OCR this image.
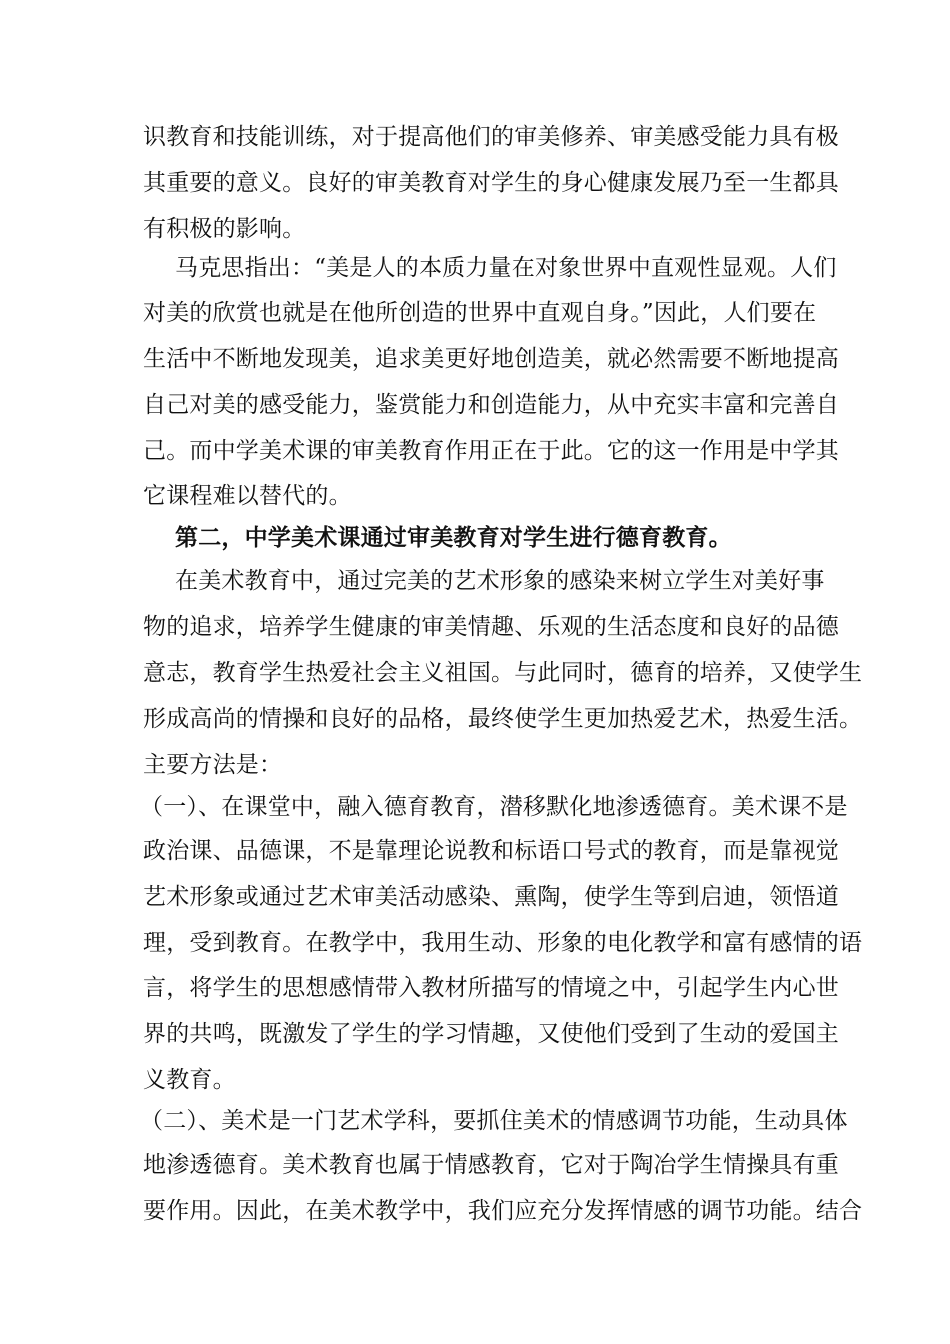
识教育和技能训练，对于提高他们的审美修养、审美感受能力具有极
其重要的意义。良好的审美教育对学生的身心健康发展乃至一生都具
有积极的影响。
马克思指出：“美是人的本质力量在对象世界中直观性显观。人们
对美的欣赏也就是在他所创造的世界中直观自身。”因此，人们要在
生活中不断地发现美，追求美更好地创造美，就必然需要不断地提高
自己对美的感受能力，鉴赏能力和创造能力，从中充实丰富和完善自
己。而中学美术课的审美教育作用正在于此。它的这一作用是中学其
它课程难以替代的。
第二，中学美术课通过审美教育对学生进行德育教育。
在美术教育中，通过完美的艺术形象的感染来树立学生对美好事
物的追求，培养学生健康的审美情趣、乐观的生活态度和良好的品德
意志，教育学生热爱社会主义祖国。与此同时，德育的培养，又使学生
形成高尚的情操和良好的品格，最终使学生更加热爱艺术，热爱生活。
主要方法是：
（一）、在课堂中，融入德育教育，潜移默化地渗透德育。美术课不是
政治课、品德课，不是靠理论说教和标语口号式的教育，而是靠视觉
艺术形象或通过艺术审美活动感染、熏陶，使学生等到启迪，领悟道
理，受到教育。在教学中，我用生动、形象的电化教学和富有感情的语
言，将学生的思想感情带入教材所描写的情境之中，引起学生内心世
界的共鸣，既激发了学生的学习情趣，又使他们受到了生动的爱国主
义教育。
（二）、美术是一门艺术学科，要抓住美术的情感调节功能，生动具体
地渗透德育。美术教育也属于情感教育，它对于陶冶学生情操具有重
要作用。因此，在美术教学中，我们应充分发挥情感的调节功能。结合
